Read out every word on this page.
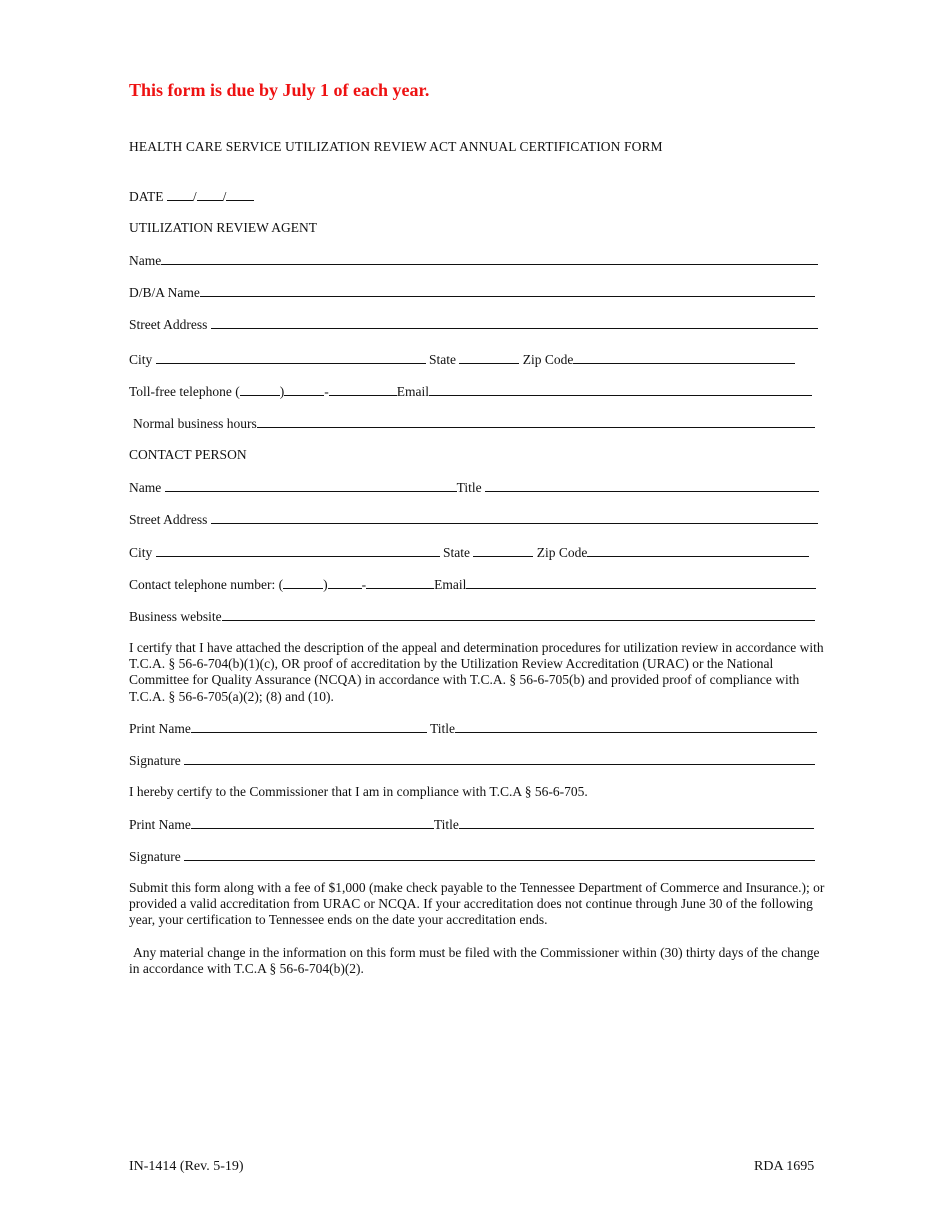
This form is due by July 1 of each year.
HEALTH CARE SERVICE UTILIZATION REVIEW ACT ANNUAL CERTIFICATION FORM
DATE / /
UTILIZATION REVIEW AGENT
Name
D/B/A Name
Street Address
City	State	Zip Code
Toll-free telephone (	)	-	Email
Normal business hours
CONTACT PERSON
Name	Title
Street Address
City	State	Zip Code
Contact telephone number: (	)	-	Email
Business website
I certify that I have attached the description of the appeal and determination procedures for utilization review in accordance with T.C.A. § 56-6-704(b)(1)(c), OR proof of accreditation by the Utilization Review Accreditation (URAC) or the National Committee for Quality Assurance (NCQA) in accordance with T.C.A. § 56-6-705(b) and provided proof of compliance with T.C.A. § 56-6-705(a)(2); (8) and (10).
Print Name	Title
Signature
I hereby certify to the Commissioner that I am in compliance with T.C.A § 56-6-705.
Print Name	Title
Signature
Submit this form along with a fee of $1,000 (make check payable to the Tennessee Department of Commerce and Insurance.); or provided a valid accreditation from URAC or NCQA. If your accreditation does not continue through June 30 of the following year, your certification to Tennessee ends on the date your accreditation ends.
Any material change in the information on this form must be filed with the Commissioner within (30) thirty days of the change in accordance with T.C.A § 56-6-704(b)(2).
IN-1414 (Rev. 5-19)	RDA 1695
